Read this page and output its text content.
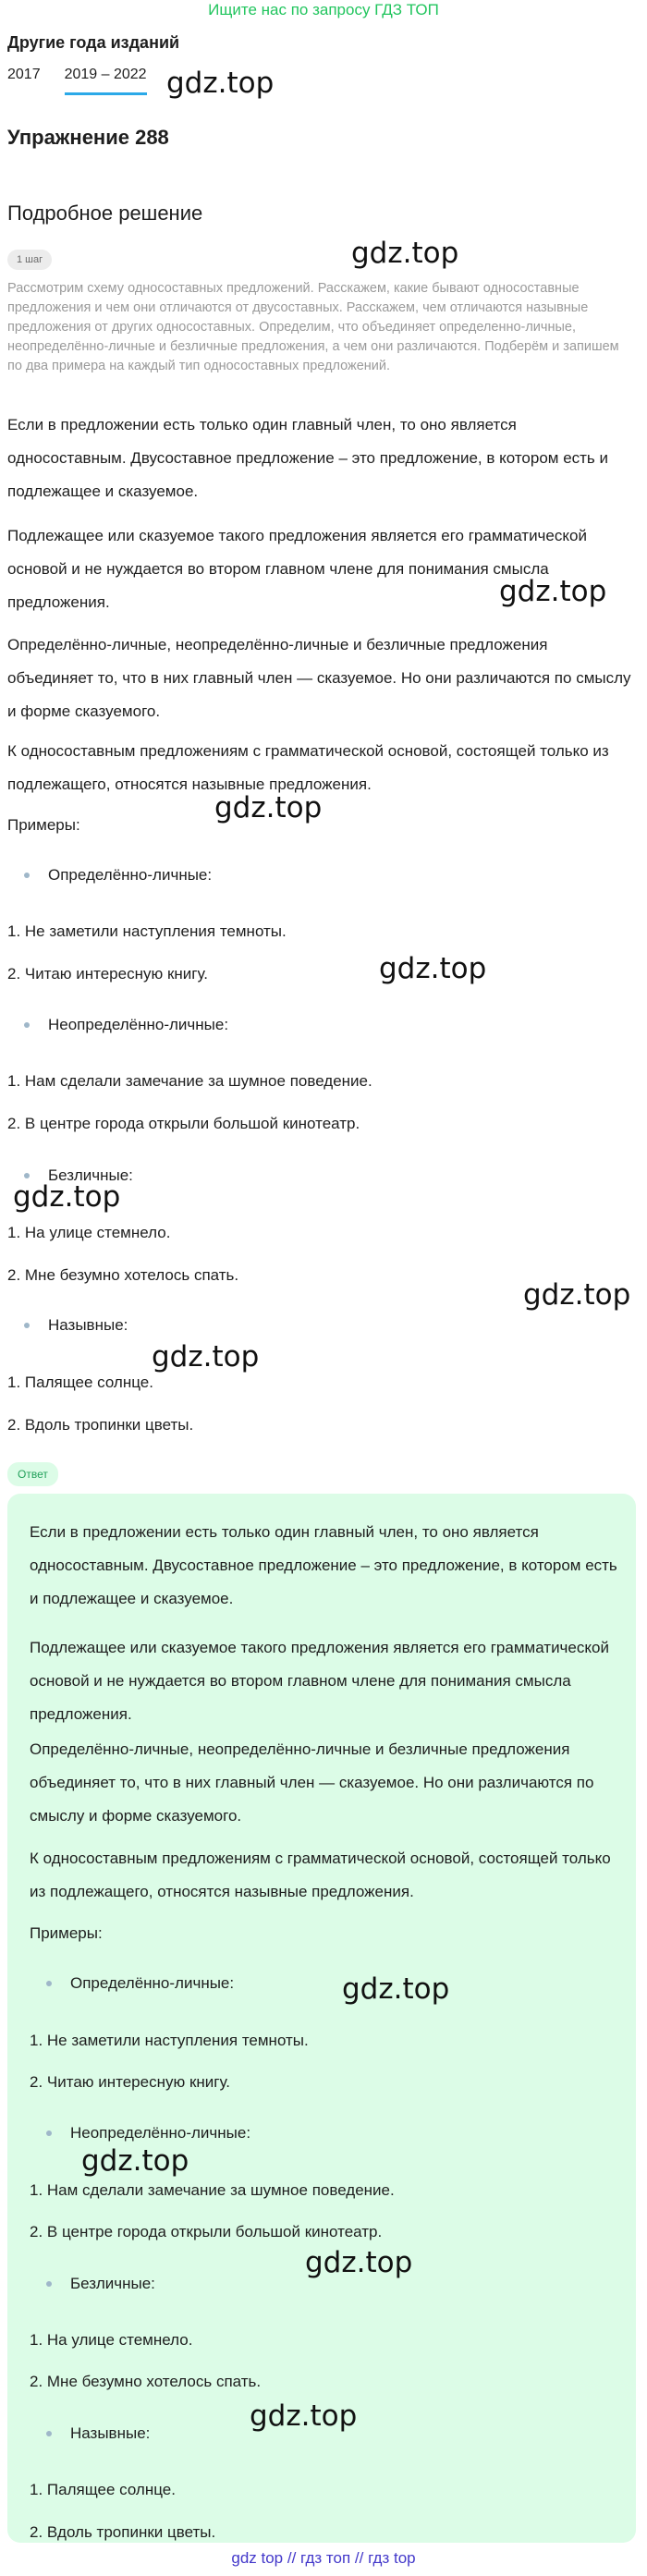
Ищите нас по запросу ГДЗ ТОП
Другие года изданий
2017 2019 – 2022
Упражнение 288
Подробное решение
1 шаг
Рассмотрим схему односоставных предложений. Расскажем, какие бывают односоставные предложения и чем они отличаются от двусоставных. Расскажем, чем отличаются назывные предложения от других односоставных. Определим, что объединяет определенно-личные, неопределённо-личные и безличные предложения, а чем они различаются. Подберём и запишем по два примера на каждый тип односоставных предложений.
Если в предложении есть только один главный член, то оно является односоставным. Двусоставное предложение – это предложение, в котором есть и подлежащее и сказуемое.
Подлежащее или сказуемое такого предложения является его грамматической основой и не нуждается во втором главном члене для понимания смысла предложения.
Определённо-личные, неопределённо-личные и безличные предложения объединяет то, что в них главный член — сказуемое. Но они различаются по смыслу и форме сказуемого.
К односоставным предложениям с грамматической основой, состоящей только из подлежащего, относятся назывные предложения.
Примеры:
Определённо-личные:
1. Не заметили наступления темноты.
2. Читаю интересную книгу.
Неопределённо-личные:
1. Нам сделали замечание за шумное поведение.
2. В центре города открыли большой кинотеатр.
Безличные:
1. На улице стемнело.
2. Мне безумно хотелось спать.
Назывные:
1. Палящее солнце.
2. Вдоль тропинки цветы.
Ответ
Если в предложении есть только один главный член, то оно является односоставным. Двусоставное предложение – это предложение, в котором есть и подлежащее и сказуемое.
Подлежащее или сказуемое такого предложения является его грамматической основой и не нуждается во втором главном члене для понимания смысла предложения.
Определённо-личные, неопределённо-личные и безличные предложения объединяет то, что в них главный член — сказуемое. Но они различаются по смыслу и форме сказуемого.
К односоставным предложениям с грамматической основой, состоящей только из подлежащего, относятся назывные предложения.
Примеры:
Определённо-личные:
1. Не заметили наступления темноты.
2. Читаю интересную книгу.
Неопределённо-личные:
1. Нам сделали замечание за шумное поведение.
2. В центре города открыли большой кинотеатр.
Безличные:
1. На улице стемнело.
2. Мне безумно хотелось спать.
Назывные:
1. Палящее солнце.
2. Вдоль тропинки цветы.
gdz.top
gdz.top
gdz.top
gdz.top
gdz.top
gdz.top
gdz.top
gdz.top
gdz.top
gdz.top
gdz.top
gdz.top
gdz top // гдз топ // гдз top
